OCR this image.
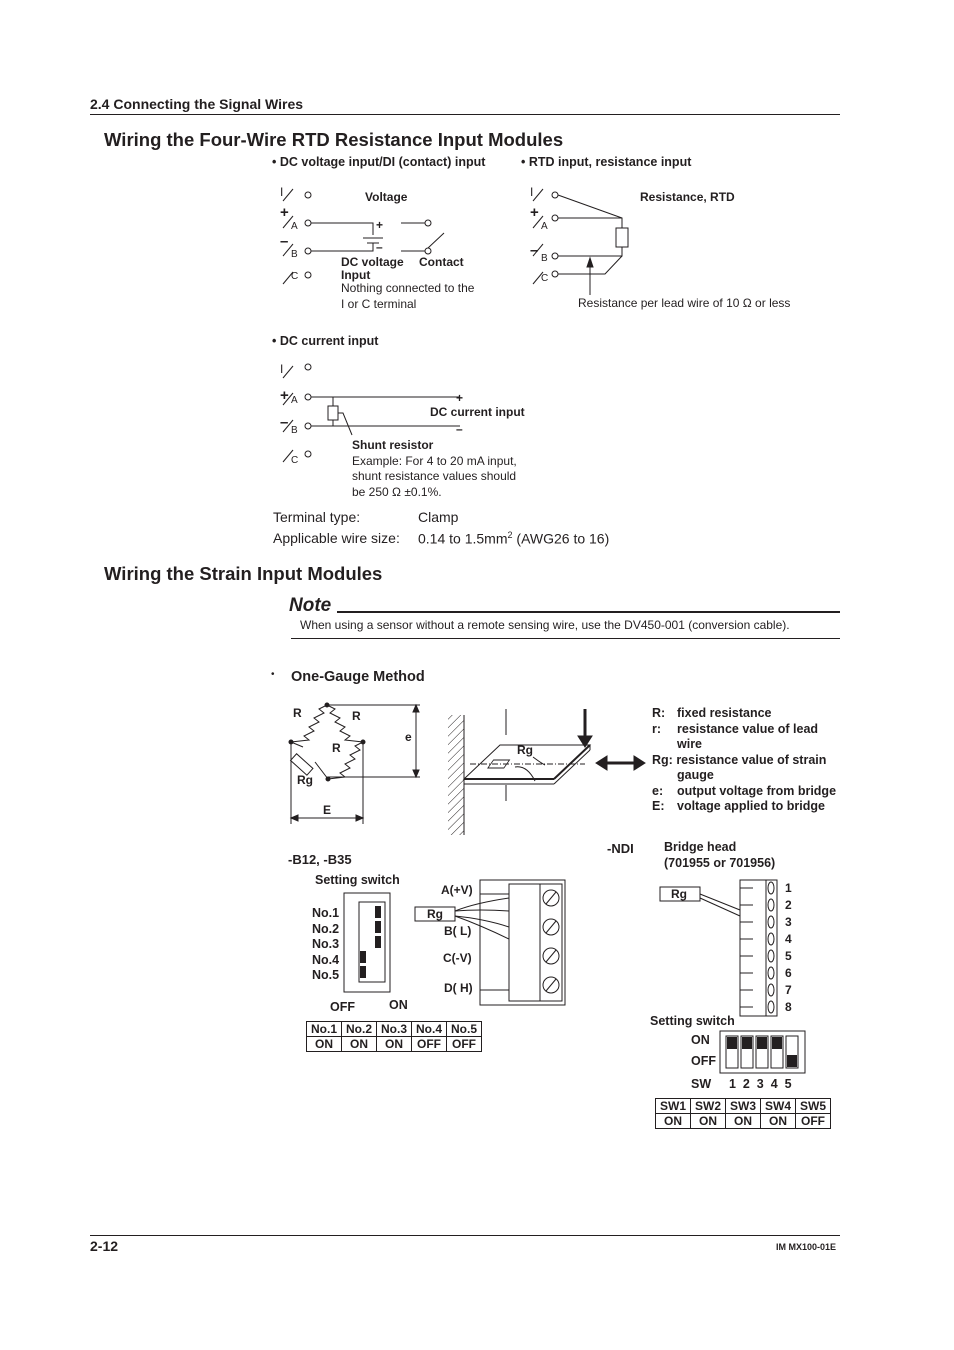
2.4 Connecting the Signal Wires
Wiring the Four-Wire RTD Resistance Input Modules
• DC voltage input/DI (contact) input
I
+
A
–
B
C
Voltage
+
–
DC voltage Contact
Input
Nothing connected to the
I or C terminal
• RTD input, resistance input
I
+
A
– B
C
Resistance, RTD
Resistance per lead wire of 10 Ω or less
• DC current input
I
+ A
– B
C
+
DC current input
–
Shunt resistor
Example: For 4 to 20 mA input,
shunt resistance values should
be 250 Ω ±0.1%.
Terminal type:	Clamp
Applicable wire size: 0.14 to $1.5mm^2$ (AWG26 to 16)
Wiring the Strain Input Modules
Note
When using a sensor without a remote sensing wire, use the DV450-001 (conversion cable).
• One-Gauge Method
R	R
R
Rg
e
E
Rg
R: fixed resistance
r: resistance value of lead
wire
Rg: resistance value of strain
gauge
e: output voltage from bridge
E: voltage applied to bridge
-B12, -B35
Setting switch
No.1
No.2
No.3
No.4
No.5
OFF	ON
Rg
A(+V)
B( L)
C(-V)
D( H)
No.1	No.2	No.3	No.4	No.5
ON	ON	ON	OFF	OFF
-NDI Bridge head
(701955 or 701956)
Rg	1
2
3
4
5
6
7
8
Setting switch
ON
OFF
SW 1  2  3  4  5
SW1	SW2	SW3	SW4	SW5
ON	ON	ON	ON	OFF
2-12	IM MX100-01E
